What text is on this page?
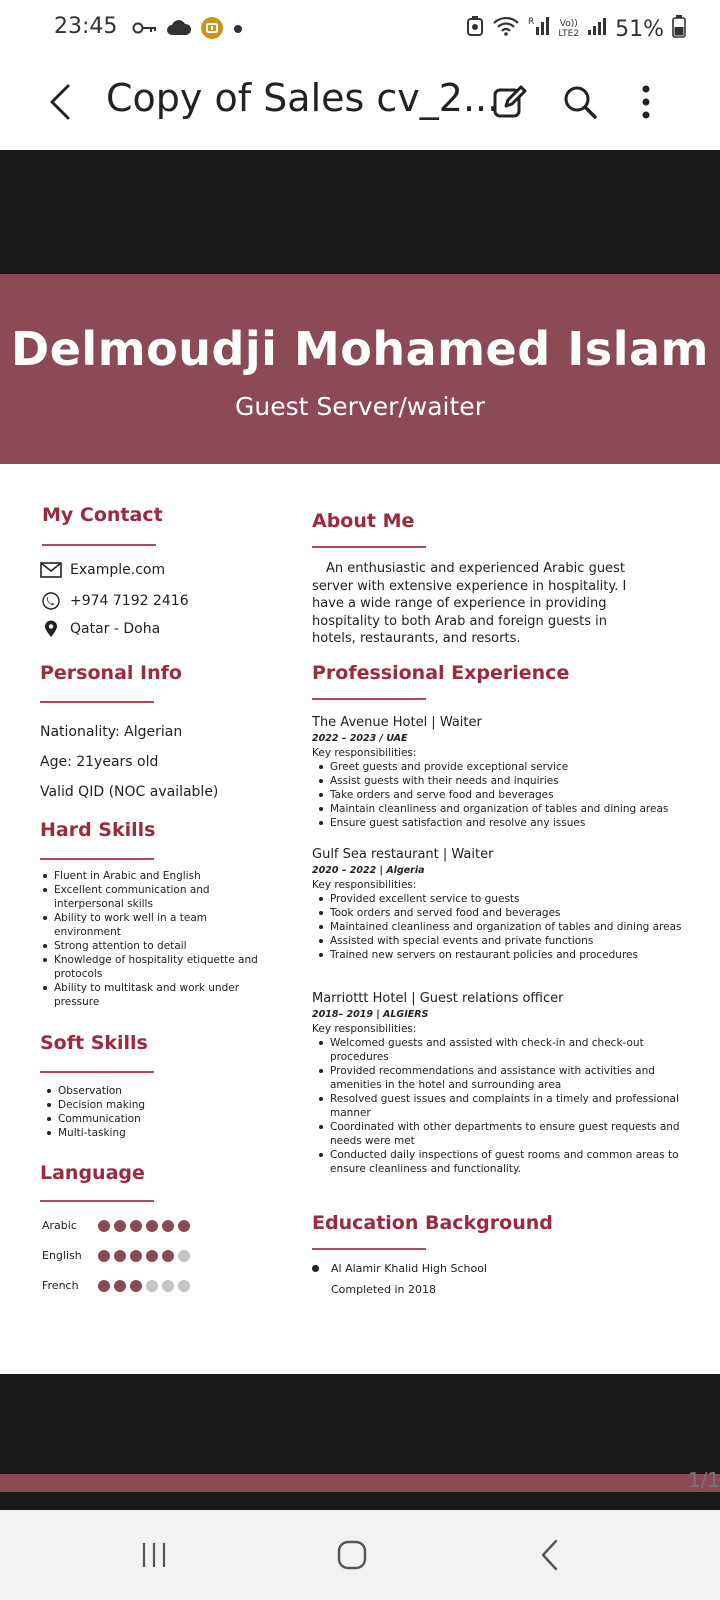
23:45	R	Vo))
LTE2 51%
Copy of Sales cv_2...
Delmoudji Mohamed Islam
Guest Server/waiter
My Contact
Example.com
+974 7192 2416
Qatar - Doha
Personal Info
Nationality: Algerian
Age: 21years old
Valid QID (NOC available)
Hard Skills
Fluent in Arabic and English
Excellent communication and interpersonal skills
Ability to work well in a team environment
Strong attention to detail
Knowledge of hospitality etiquette and protocols
Ability to multitask and work under pressure
Soft Skills
Observation
Decision making
Communication
Multi-tasking
Language
Arabic
English
French
About Me
An enthusiastic and experienced Arabic guest server with extensive experience in hospitality. I have a wide range of experience in providing hospitality to both Arab and foreign guests in hotels, restaurants, and resorts.
Professional Experience
The Avenue Hotel | Waiter
2022 – 2023 / UAE
Key responsibilities:
Greet guests and provide exceptional service
Assist guests with their needs and inquiries
Take orders and serve food and beverages
Maintain cleanliness and organization of tables and dining areas
Ensure guest satisfaction and resolve any issues
Gulf Sea restaurant | Waiter
2020 – 2022 | Algeria
Key responsibilities:
Provided excellent service to guests
Took orders and served food and beverages
Maintained cleanliness and organization of tables and dining areas
Assisted with special events and private functions
Trained new servers on restaurant policies and procedures
Marriottt Hotel | Guest relations officer
2018– 2019 | ALGIERS
Key responsibilities:
Welcomed guests and assisted with check-in and check-out procedures
Provided recommendations and assistance with activities and amenities in the hotel and surrounding area
Resolved guest issues and complaints in a timely and professional manner
Coordinated with other departments to ensure guest requests and needs were met
Conducted daily inspections of guest rooms and common areas to ensure cleanliness and functionality.
Education Background
Al Alamir Khalid High School
Completed in 2018
1/1
